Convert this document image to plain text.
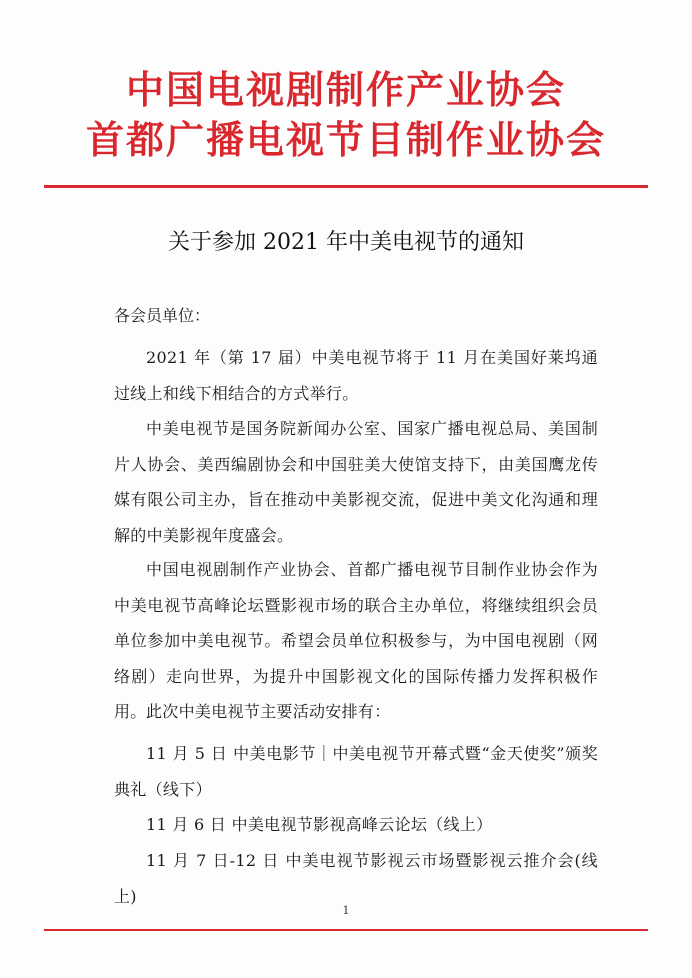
中国电视剧制作产业协会
首都广播电视节目制作业协会
关于参加 2021 年中美电视节的通知
各会员单位：
2021 年（第 17 届）中美电视节将于 11 月在美国好莱坞通过线上和线下相结合的方式举行。
中美电视节是国务院新闻办公室、国家广播电视总局、美国制片人协会、美西编剧协会和中国驻美大使馆支持下，由美国鹰龙传媒有限公司主办，旨在推动中美影视交流，促进中美文化沟通和理解的中美影视年度盛会。
中国电视剧制作产业协会、首都广播电视节目制作业协会作为中美电视节高峰论坛暨影视市场的联合主办单位，将继续组织会员单位参加中美电视节。希望会员单位积极参与，为中国电视剧（网络剧）走向世界，为提升中国影视文化的国际传播力发挥积极作用。 此次中美电视节主要活动安排有：
11 月 5 日 中美电影节｜中美电视节开幕式暨“金天使奖”颁奖典礼（线下）
11 月 6 日 中美电视节影视高峰云论坛（线上）
11 月 7 日-12 日 中美电视节影视云市场暨影视云推介会(线上)
1
